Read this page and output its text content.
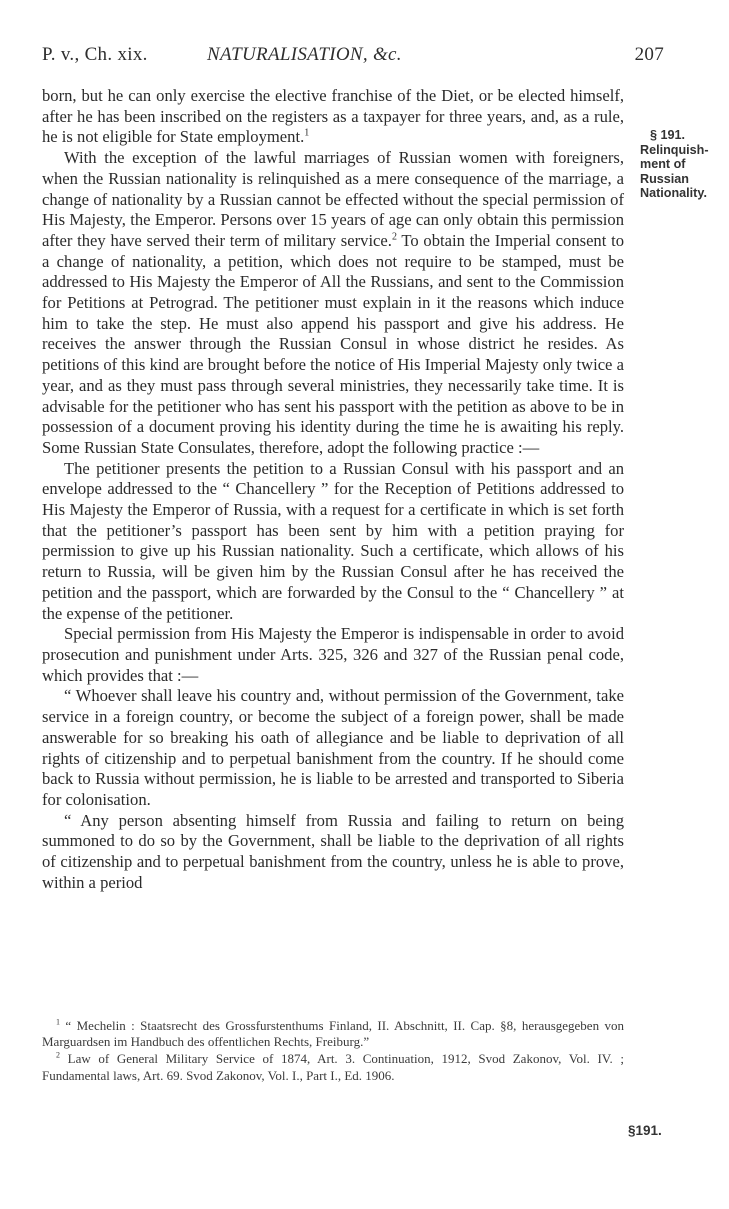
P. v., Ch. xix.	NATURALISATION, &c.	207

born, but he can only exercise the elective franchise of the Diet, or be elected himself, after he has been inscribed on the registers as a taxpayer for three years, and, as a rule, he is not eligible for State employment.$^1$

With the exception of the lawful marriages of Russian women with foreigners, when the Russian nationality is relinquished as a mere consequence of the marriage, a change of nationality by a Russian cannot be effected without the special permission of His Majesty, the Emperor. Persons over 15 years of age can only obtain this permission after they have served their term of military service.$^2$ To obtain the Imperial consent to a change of nationality, a petition, which does not require to be stamped, must be addressed to His Majesty the Emperor of All the Russians, and sent to the Commission for Petitions at Petrograd. The petitioner must explain in it the reasons which induce him to take the step. He must also append his passport and give his address. He receives the answer through the Russian Consul in whose district he resides. As petitions of this kind are brought before the notice of His Imperial Majesty only twice a year, and as they must pass through several ministries, they necessarily take time. It is advisable for the petitioner who has sent his passport with the petition as above to be in possession of a document proving his identity during the time he is awaiting his reply. Some Russian State Consulates, therefore, adopt the following practice :—

The petitioner presents the petition to a Russian Consul with his passport and an envelope addressed to the “ Chancellery ” for the Reception of Petitions addressed to His Majesty the Emperor of Russia, with a request for a certificate in which is set forth that the petitioner’s passport has been sent by him with a petition praying for permission to give up his Russian nationality. Such a certificate, which allows of his return to Russia, will be given him by the Russian Consul after he has received the petition and the passport, which are forwarded by the Consul to the “ Chancellery ” at the expense of the petitioner.

Special permission from His Majesty the Emperor is indispensable in order to avoid prosecution and punishment under Arts. 325, 326 and 327 of the Russian penal code, which provides that :—

“ Whoever shall leave his country and, without permission of the Government, take service in a foreign country, or become the subject of a foreign power, shall be made answerable for so breaking his oath of allegiance and be liable to deprivation of all rights of citizenship and to perpetual banishment from the country. If he should come back to Russia without permission, he is liable to be arrested and transported to Siberia for colonisation.

“ Any person absenting himself from Russia and failing to return on being summoned to do so by the Government, shall be liable to the deprivation of all rights of citizenship and to perpetual banishment from the country, unless he is able to prove, within a period

§ 191.
Relinquish-
ment of
Russian
Nationality.

$^1$ “ Mechelin : Staatsrecht des Grossfurstenthums Finland, II. Abschnitt, II. Cap. §8, herausgegeben von Marguardsen im Handbuch des offentlichen Rechts, Freiburg.”

$^2$ Law of General Military Service of 1874, Art. 3. Continuation, 1912, Svod Zakonov, Vol. IV. ; Fundamental laws, Art. 69. Svod Zakonov, Vol. I., Part I., Ed. 1906.

§191.
